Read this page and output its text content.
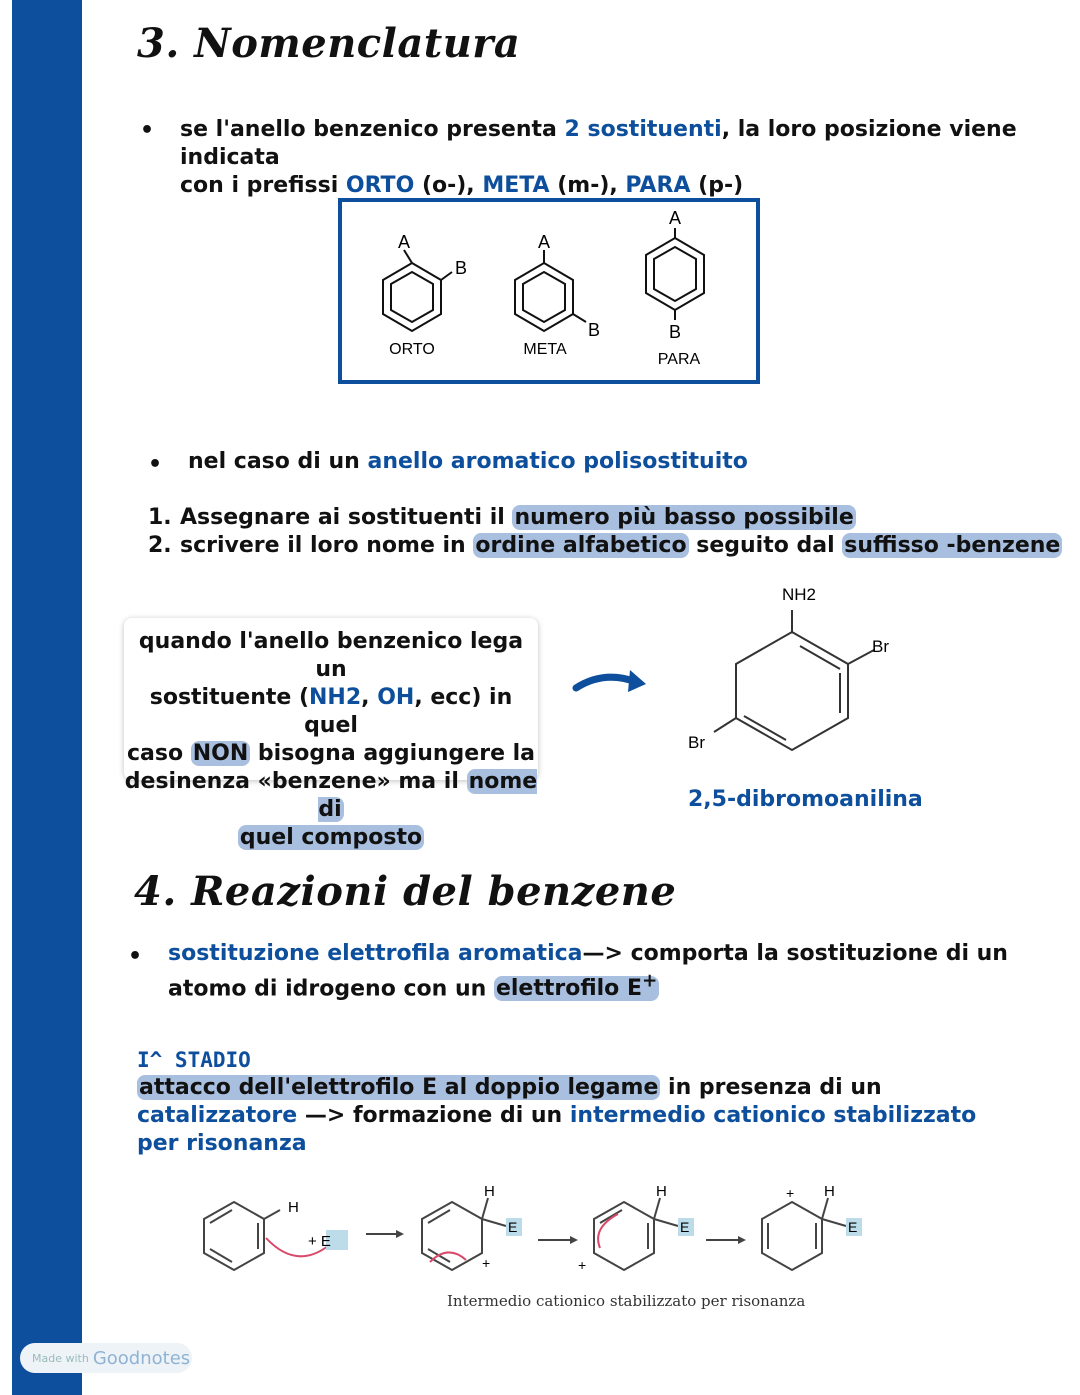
3. Nomenclatura
• se l'anello benzenico presenta 2 sostituenti, la loro posizione viene indicata
con i prefissi ORTO (o-), META (m-), PARA (p-)
A
B
ORTO
A
B
META
A
B
PARA
• nel caso di un anello aromatico polisostituito
1. Assegnare ai sostituenti il numero più basso possibile
2. scrivere il loro nome in ordine alfabetico seguito dal suffisso -benzene
quando l'anello benzenico lega un
sostituente (NH2, OH, ecc) in quel
caso NON bisogna aggiungere la
desinenza «benzene» ma il nome di
quel composto
NH2
Br
Br
2,5-dibromoanilina
4. Reazioni del benzene
• sostituzione elettrofila aromatica—> comporta la sostituzione di un
atomo di idrogeno con un elettrofilo E+
I^ STADIO
attacco dell'elettrofilo E al doppio legame in presenza di un
catalizzatore —> formazione di un intermedio cationico stabilizzato
per risonanza
H
+ E
H
E
+
H
E
+
H
+
E
Intermedio cationico stabilizzato per risonanza
Made with Goodnotes
